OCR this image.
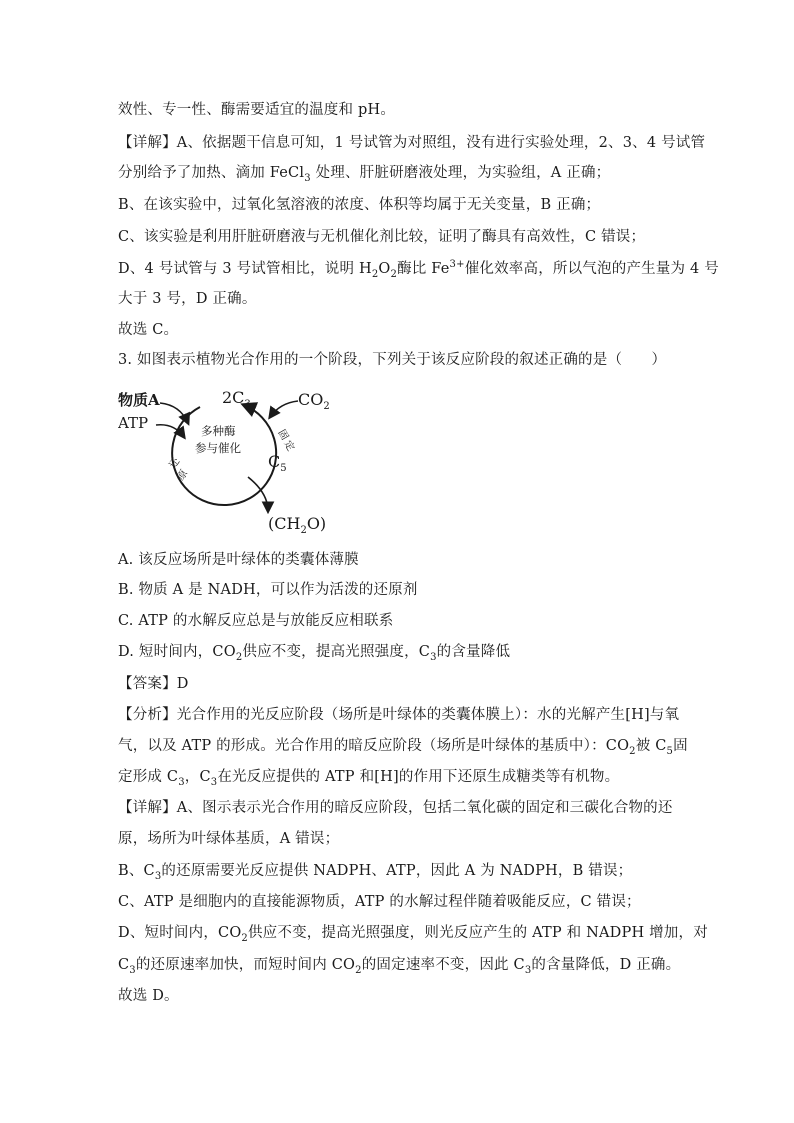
效性、专一性、酶需要适宜的温度和 pH。
【详解】A、依据题干信息可知，1 号试管为对照组，没有进行实验处理，2、3、4 号试管
分别给予了加热、滴加 FeCl$_3$ 处理、肝脏研磨液处理，为实验组，A 正确；
B、在该实验中，过氧化氢溶液的浓度、体积等均属于无关变量，B 正确；
C、该实验是利用肝脏研磨液与无机催化剂比较，证明了酶具有高效性，C 错误；
D、4 号试管与 3 号试管相比，说明 $H_2O_2$酶比 $Fe^{3+}$催化效率高，所以气泡的产生量为 4 号
大于 3 号，D 正确。
故选 C。
3. 如图表示植物光合作用的一个阶段，下列关于该反应阶段的叙述正确的是（　　）
A. 该反应场所是叶绿体的类囊体薄膜
B. 物质 A 是 NADH，可以作为活泼的还原剂
C. ATP 的水解反应总是与放能反应相联系
D. 短时间内，$CO_2$供应不变，提高光照强度，$C_3$的含量降低
【答案】D
【分析】光合作用的光反应阶段（场所是叶绿体的类囊体膜上）：水的光解产生[H]与氧
气，以及 ATP 的形成。光合作用的暗反应阶段（场所是叶绿体的基质中）：$CO_2$被 $C_5$固
定形成 $C_3$，$C_3$在光反应提供的 ATP 和[H]的作用下还原生成糖类等有机物。
【详解】A、图示表示光合作用的暗反应阶段，包括二氧化碳的固定和三碳化合物的还
原，场所为叶绿体基质，A 错误；
B、$C_3$的还原需要光反应提供 NADPH、ATP，因此 A 为 NADPH，B 错误；
C、ATP 是细胞内的直接能源物质，ATP 的水解过程伴随着吸能反应，C 错误；
D、短时间内，$CO_2$供应不变，提高光照强度，则光反应产生的 ATP 和 NADPH 增加，对
$C_3$的还原速率加快，而短时间内 $CO_2$的固定速率不变，因此 $C_3$的含量降低，D 正确。
故选 D。
物质A
ATP
$2C_3$	$CO_2$
多种酶
参与催化
固
定
$C_5$
还
原
$(CH_2O)$
